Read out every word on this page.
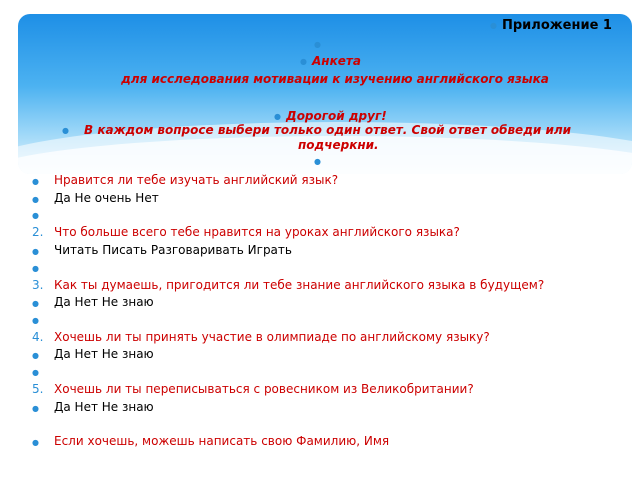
● Приложение 1
●
● Анкета
для исследования мотивации к изучению английского языка
● Дорогой друг!
● В каждом вопросе выбери только один ответ. Свой ответ обведи или
подчеркни.
●
● Нравится ли тебе изучать английский язык?
● Да Не очень Нет
●
2. Что больше всего тебе нравится на уроках английского языка?
● Читать Писать Разговаривать Играть
●
3. Как ты думаешь, пригодится ли тебе знание английского языка в будущем?
● Да Нет Не знаю
●
4. Хочешь ли ты принять участие в олимпиаде по английскому языку?
● Да Нет Не знаю
●
5. Хочешь ли ты переписываться с ровесником из Великобритании?
● Да Нет Не знаю
● Если хочешь, можешь написать свою Фамилию, Имя
